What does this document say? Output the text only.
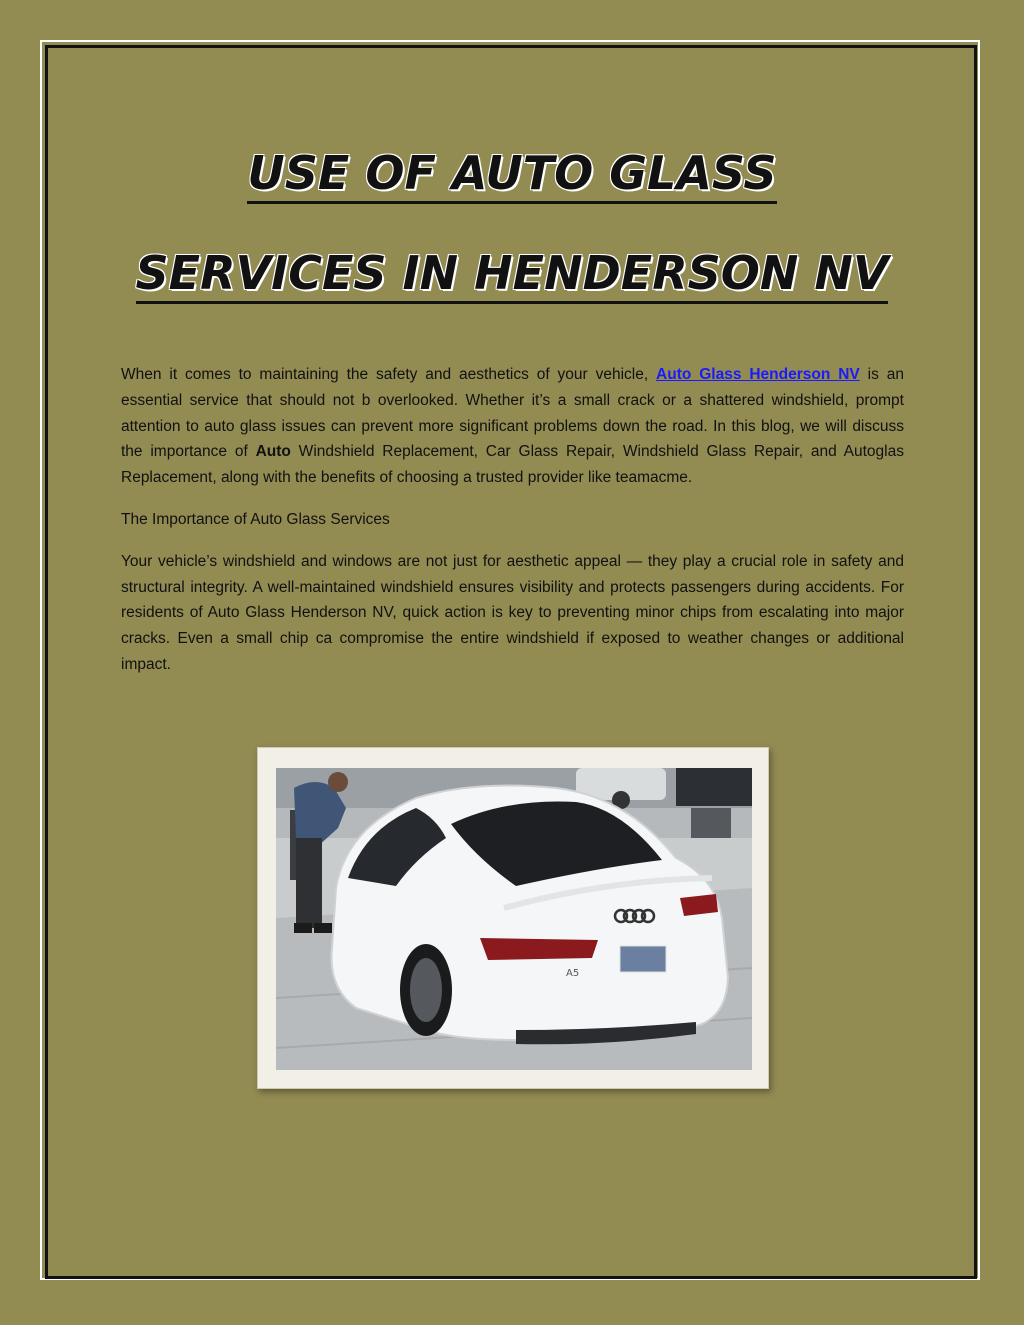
USE OF AUTO GLASS
SERVICES IN HENDERSON NV

When it comes to maintaining the safety and aesthetics of your vehicle, Auto Glass Henderson NV is an essential service that should not b overlooked. Whether it’s a small crack or a shattered windshield, prompt attention to auto glass issues can prevent more significant problems down the road. In this blog, we will discuss the importance of Auto Windshield Replacement, Car Glass Repair, Windshield Glass Repair, and Autoglas Replacement, along with the benefits of choosing a trusted provider like teamacme.

The Importance of Auto Glass Services

Your vehicle’s windshield and windows are not just for aesthetic appeal — they play a crucial role in safety and structural integrity. A well-maintained windshield ensures visibility and protects passengers during accidents. For residents of Auto Glass Henderson NV, quick action is key to preventing minor chips from escalating into major cracks. Even a small chip ca compromise the entire windshield if exposed to weather changes or additional impact.

A5
